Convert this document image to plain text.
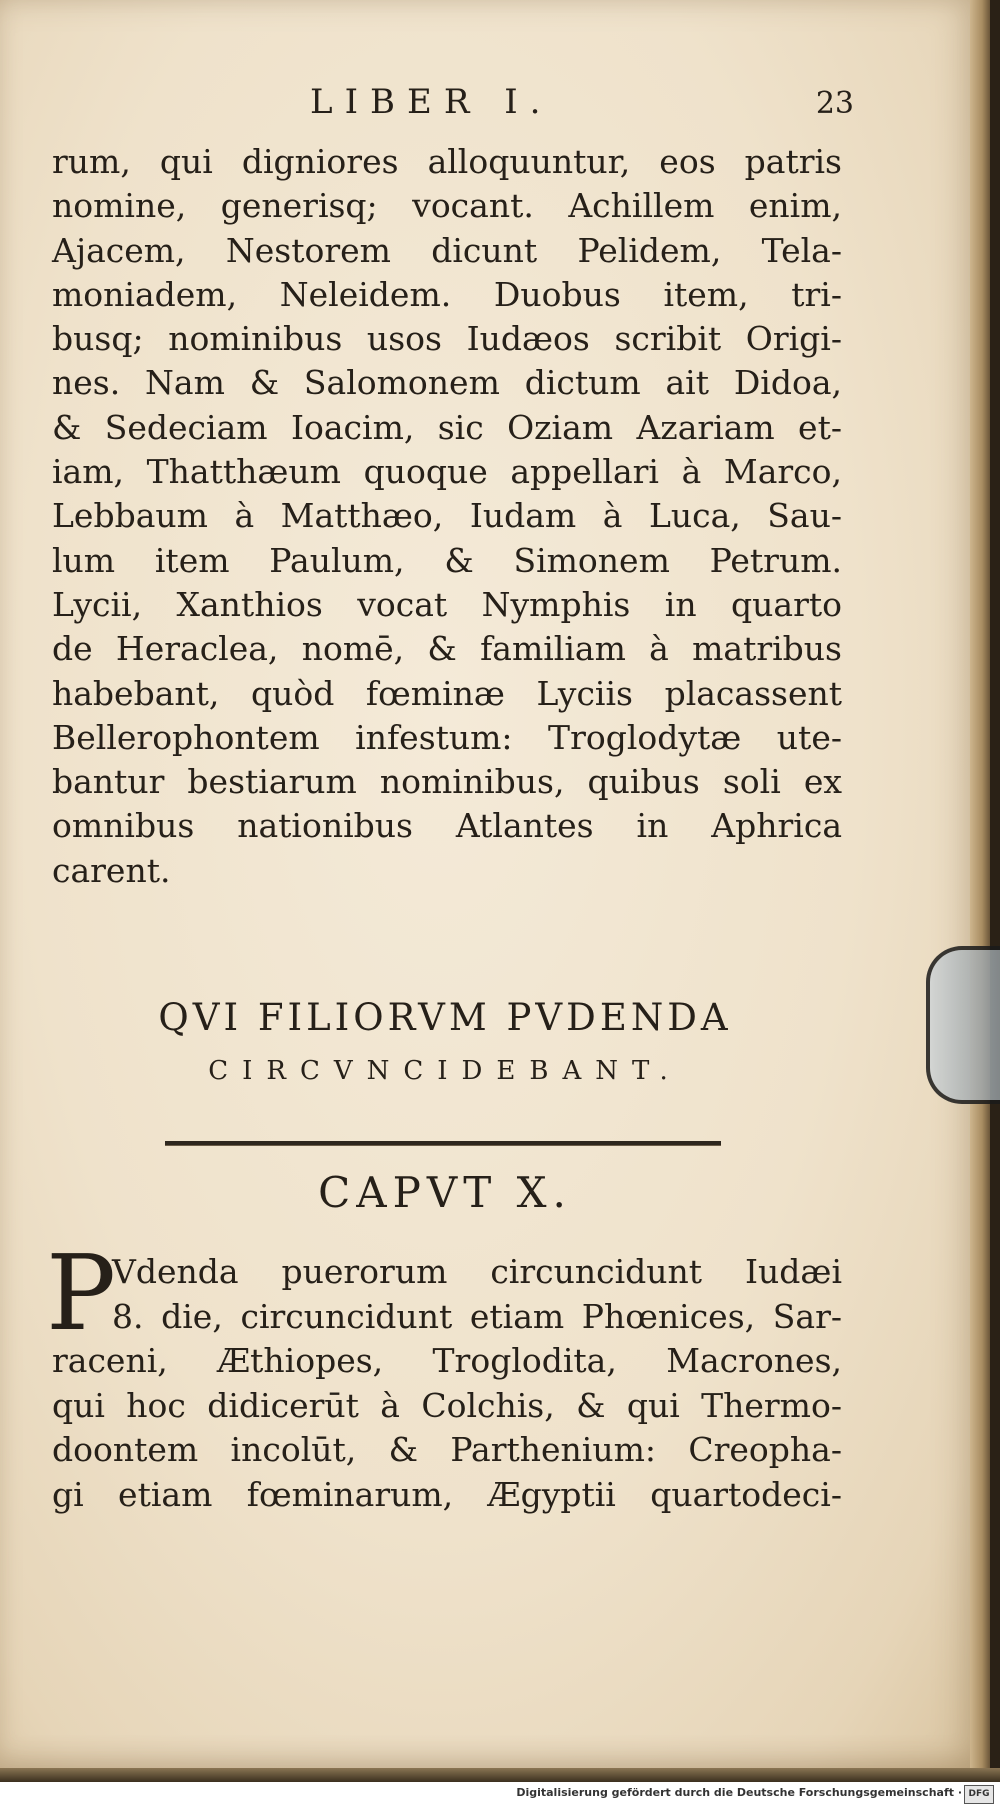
LIBER I.	23
rum, qui digniores alloquuntur, eos patris
nomine, generisq; vocant. Achillem enim,
Ajacem, Nestorem dicunt Pelidem, Tela-
moniadem, Neleidem. Duobus item, tri-
busq; nominibus usos Iudæos scribit Origi-
nes. Nam & Salomonem dictum ait Didoa,
& Sedeciam Ioacim, sic Oziam Azariam et-
iam, Thatthæum quoque appellari à Marco,
Lebbaum à Matthæo, Iudam à Luca, Sau-
lum item Paulum, & Simonem Petrum.
Lycii, Xanthios vocat Nymphis in quarto
de Heraclea, nomē, & familiam à matribus
habebant, quòd fœminæ Lyciis placassent
Bellerophontem infestum: Troglodytæ ute-
bantur bestiarum nominibus, quibus soli ex
omnibus nationibus Atlantes in Aphrica
carent.
QVI FILIORVM PVDENDA
CIRCVNCIDEBANT.
CAPVT X.
P
Vdenda puerorum circuncidunt Iudæi
8. die, circuncidunt etiam Phœnices, Sar-
raceni, Æthiopes, Troglodita, Macrones,
qui hoc didicerūt à Colchis, & qui Thermo-
doontem incolūt, & Parthenium: Creopha-
gi etiam fœminarum, Ægyptii quartodeci-
Digitalisierung gefördert durch die Deutsche Forschungsgemeinschaft · DFG
